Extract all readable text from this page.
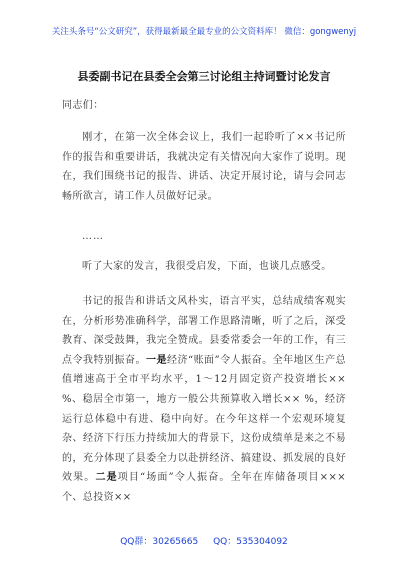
关注头条号“公文研究”，获得最新最全最专业的公文资料库！ 微信：gongwenyj
县委副书记在县委全会第三讨论组主持词暨讨论发言
同志们：
刚才，在第一次全体会议上，我们一起聆听了××书记所作的报告和重要讲话，我就决定有关情况向大家作了说明。现在，我们围绕书记的报告、讲话、决定开展讨论，请与会同志畅所欲言，请工作人员做好记录。
……
听了大家的发言，我很受启发，下面，也谈几点感受。
书记的报告和讲话文风朴实，语言平实，总结成绩客观实在，分析形势准确科学，部署工作思路清晰，听了之后，深受教育、深受鼓舞，我完全赞成。县委常委会一年的工作，有三点令我特别振奋。一是经济“账面”令人振奋。全年地区生产总值增速高于全市平均水平，1～12月固定资产投资增长×× %、稳居全市第一，地方一般公共预算收入增长×× %，经济运行总体稳中有进、稳中向好。在今年这样一个宏观环境复杂、经济下行压力持续加大的背景下，这份成绩单是来之不易的，充分体现了县委全力以赴拼经济、搞建设、抓发展的良好效果。二是项目“场面”令人振奋。全年在库储备项目×××个、总投资××
QQ群：30265665 QQ：535304092
